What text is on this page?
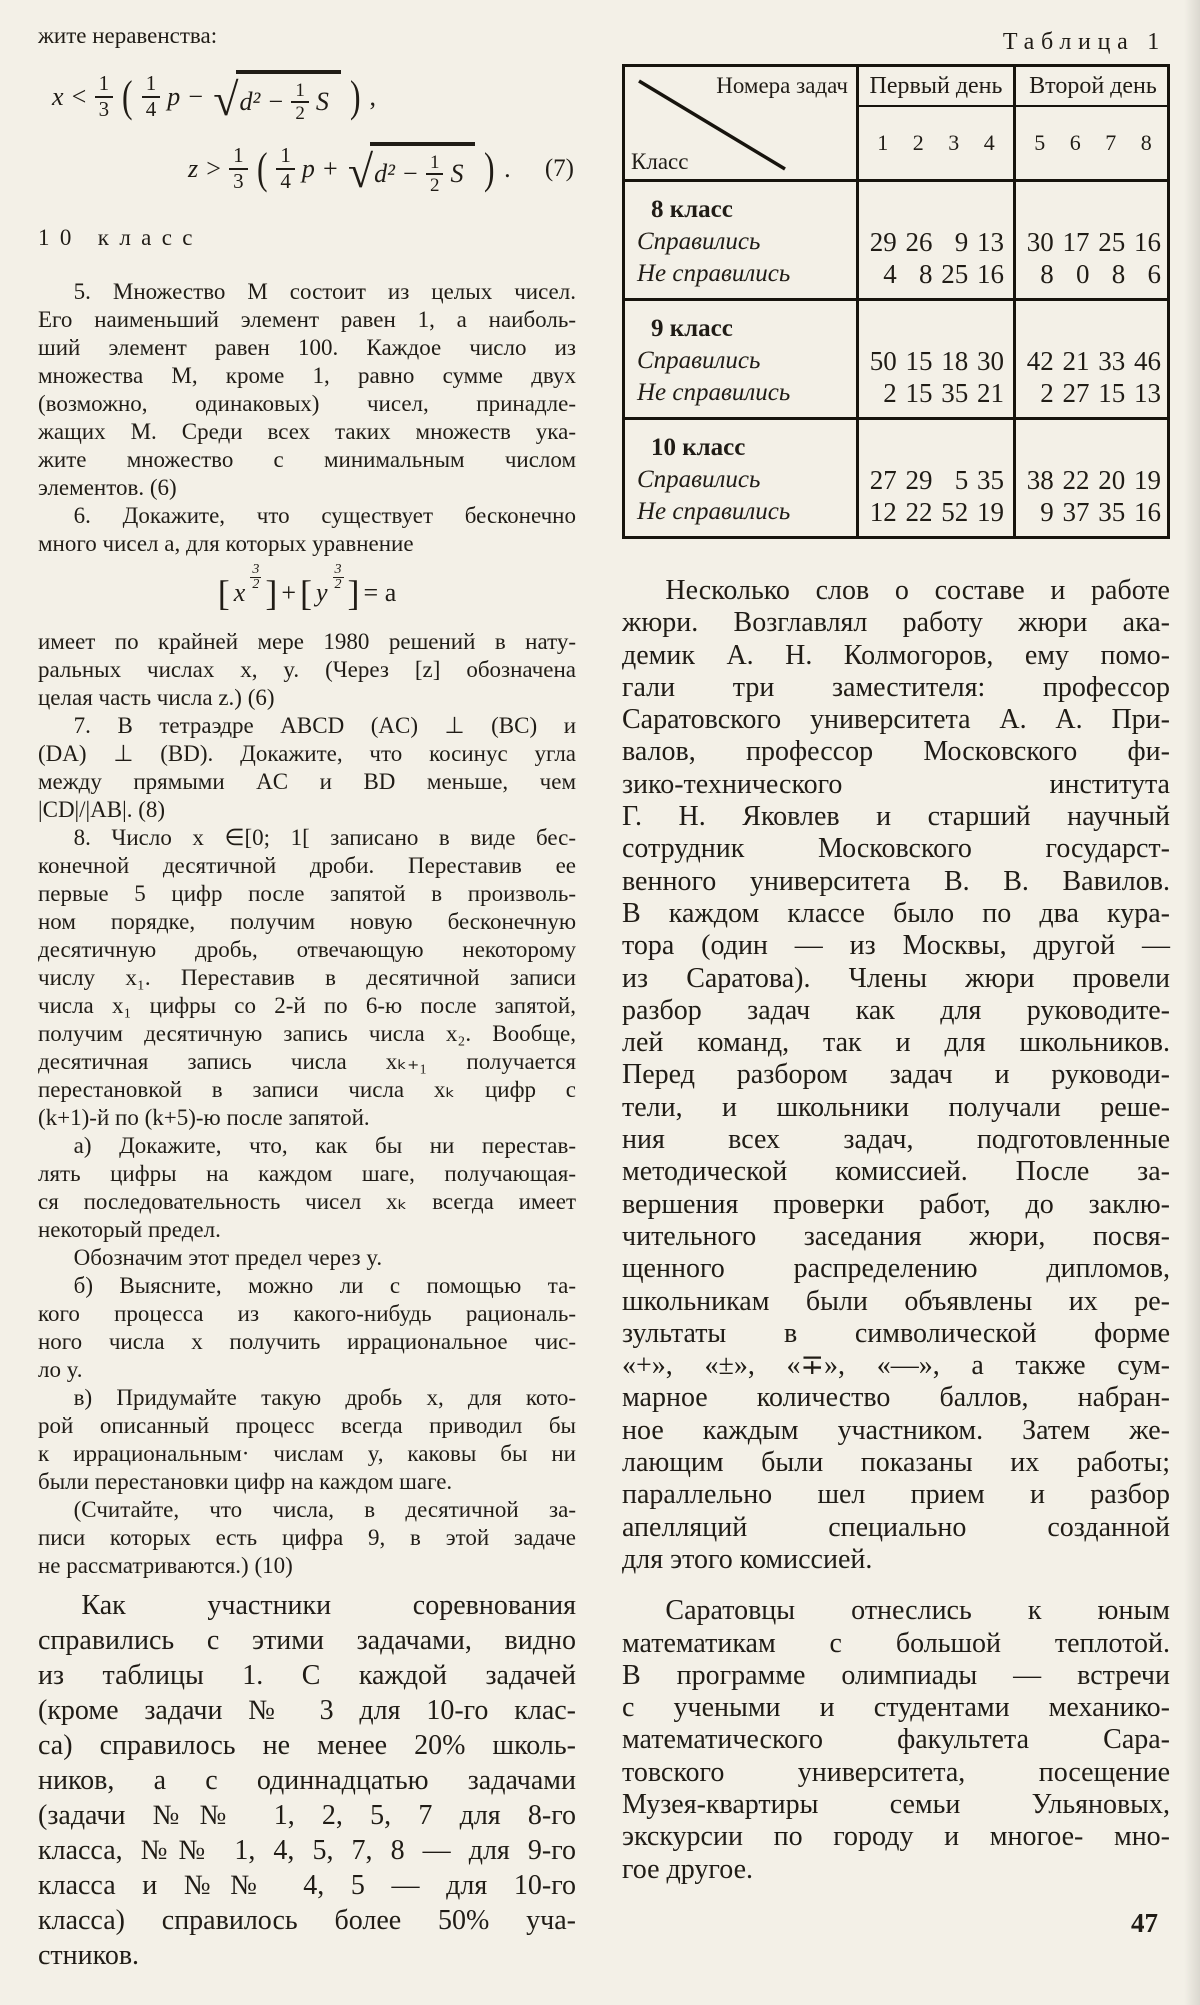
жите неравенства:
$x < \frac{1}{3}$ ( $\frac{1}{4}$ p − √ $d^2 - \frac{1}{2}$ S ) ,
$z > \frac{1}{3}$ ( $\frac{1}{4}$ p + √ $d^2 - \frac{1}{2}$ S ) . (7)
10 класс
5. Множество M состоит из целых чисел.
Его наименьший элемент равен 1, а наиболь-
ший элемент равен 100. Каждое число из
множества M, кроме 1, равно сумме двух
(возможно, одинаковых) чисел, принадле-
жащих M. Среди всех таких множеств ука-
жите множество с минимальным числом
элементов. (6)
6. Докажите, что существует бесконечно
много чисел a, для которых уравнение
[ x
3
2 ] + [ y
3
2 ] = a
имеет по крайней мере 1980 решений в нату-
ральных числах x, y. (Через [z] обозначена
целая часть числа z.) (6)
7. В тетраэдре ABCD (AC) ⊥ (BC) и
(DA) ⊥ (BD). Докажите, что косинус угла
между прямыми AC и BD меньше, чем
|CD|/|AB|. (8)
8. Число x ∈[0; 1[ записано в виде бес-
конечной десятичной дроби. Переставив ее
первые 5 цифр после запятой в произволь-
ном порядке, получим новую бесконечную
десятичную дробь, отвечающую некоторому
числу x₁. Переставив в десятичной записи
числа x₁ цифры со 2-й по 6-ю после запятой,
получим десятичную запись числа x₂. Вообще,
десятичная запись числа xₖ₊₁ получается
перестановкой в записи числа xₖ цифр с
(k+1)-й по (k+5)-ю после запятой.
а) Докажите, что, как бы ни перестав-
лять цифры на каждом шаге, получающая-
ся последовательность чисел xₖ всегда имеет
некоторый предел.
Обозначим этот предел через y.
б) Выясните, можно ли с помощью та-
кого процесса из какого-нибудь рациональ-
ного числа x получить иррациональное чис-
ло y.
в) Придумайте такую дробь x, для кото-
рой описанный процесс всегда приводил бы
к иррациональным· числам y, каковы бы ни
были перестановки цифр на каждом шаге.
(Считайте, что числа, в десятичной за-
писи которых есть цифра 9, в этой задаче
не рассматриваются.) (10)
Как участники соревнования
справились с этими задачами, видно
из таблицы 1. С каждой задачей
(кроме задачи № 3 для 10-го клас-
са) справилось не менее 20% школь-
ников, а с одиннадцатью задачами
(задачи №№ 1, 2, 5, 7 для 8-го
класса, №№ 1, 4, 5, 7, 8 — для 9-го
класса и №№ 4, 5 — для 10-го
класса) справилось более 50% уча-
стников.
Таблица 1
Номера задач
Класс
Первый день	Второй день
1 2 3 4 5 6 7 8
8 класс
Справились
Не справились
29 26 9 13
4 8 25 16
30 17 25 16
8 0 8 6
9 класс
Справились
Не справились
50 15 18 30
2 15 35 21
42 21 33 46
2 27 15 13
10 класс
Справились
Не справились
27 29 5 35
12 22 52 19
38 22 20 19
9 37 35 16
Несколько слов о составе и работе
жюри. Возглавлял работу жюри ака-
демик А. Н. Колмогоров, ему помо-
гали три заместителя: профессор
Саратовского университета А. А. При-
валов, профессор Московского фи-
зико-технического института
Г. Н. Яковлев и старший научный
сотрудник Московского государст-
венного университета В. В. Вавилов.
В каждом классе было по два кура-
тора (один — из Москвы, другой —
из Саратова). Члены жюри провели
разбор задач как для руководите-
лей команд, так и для школьников.
Перед разбором задач и руководи-
тели, и школьники получали реше-
ния всех задач, подготовленные
методической комиссией. После за-
вершения проверки работ, до заклю-
чительного заседания жюри, посвя-
щенного распределению дипломов,
школьникам были объявлены их ре-
зультаты в символической форме
«+», «±», «∓», «—», а также сум-
марное количество баллов, набран-
ное каждым участником. Затем же-
лающим были показаны их работы;
параллельно шел прием и разбор
апелляций специально созданной
для этого комиссией.
Саратовцы отнеслись к юным
математикам с большой теплотой.
В программе олимпиады — встречи
с учеными и студентами механико-
математического факультета Сара-
товского университета, посещение
Музея-квартиры семьи Ульяновых,
экскурсии по городу и многое- мно-
гое другое.
47
